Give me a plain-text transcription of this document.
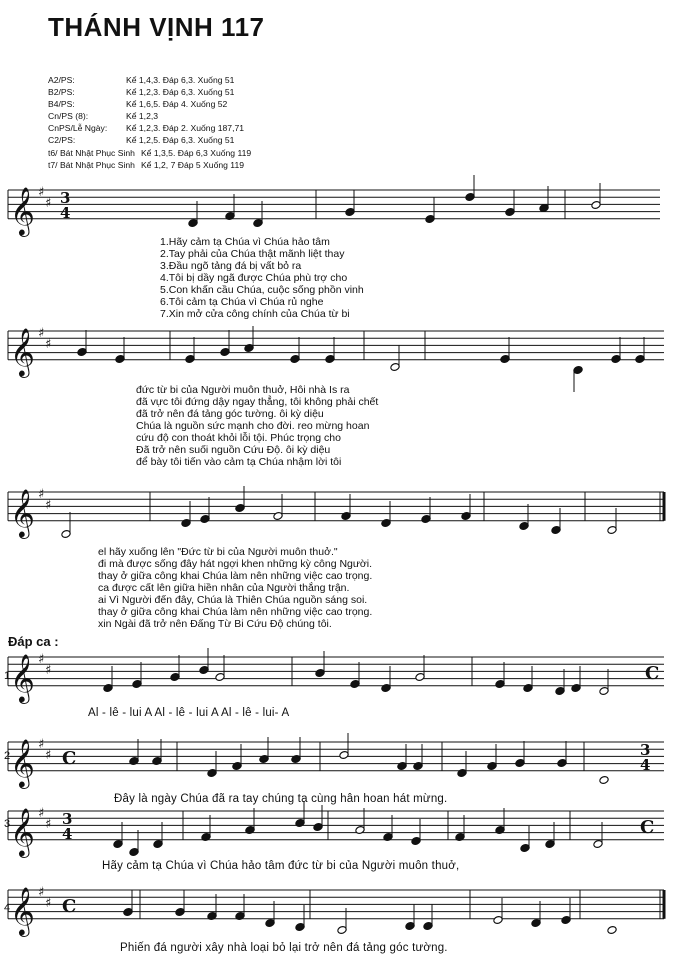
THÁNH VỊNH 117
A2/PS:	Kể 1,4,3. Đáp 6,3. Xuống 51
B2/PS:	Kể 1,2,3. Đáp 6,3. Xuống 51
B4/PS:	Kể 1,6,5. Đáp 4. Xuống 52
Cn/PS (8):	Kể 1,2,3
CnPS/Lễ Ngày:	Kể 1,2,3. Đáp 2. Xuống 187,71
C2/PS:	Kể 1,2,5. Đáp 6,3. Xuống 51
t6/ Bát Nhật Phục Sinh Kể 1,3,5. Đáp 6,3 Xuống 119
t7/ Bát Nhật Phục Sinh Kể 1,2, 7 Đáp 5 Xuống 119
𝄞 ♯
♯ 3
4
𝄞 ♯
♯
𝄞 ♯
♯
𝄞 ♯
♯	C
𝄞 ♯
♯ C	3
4
𝄞 ♯
♯ 3
4	C
𝄞 ♯
♯ C
1.Hãy cảm tạ Chúa vì Chúa hảo tâm
2.Tay phải của Chúa thật mãnh liệt thay
3.Đầu ngõ tảng đá bị vất bỏ ra
4.Tôi bị dầy ngã được Chúa phù trợ cho
5.Con khấn cầu Chúa, cuộc sống phồn vinh
6.Tôi cảm tạ Chúa vì Chúa rủ nghe
7.Xin mở cửa công chính của Chúa từ bi
đức từ bi của Người muôn thuở, Hôi nhà Is ra
đã vực tôi đứng dậy ngay thẳng, tôi không phải chết
đã trở nên đá tảng góc tường. ôi kỳ diệu
Chúa là nguồn sức mạnh cho đời. reo mừng hoan
cứu độ con thoát khỏi lỗi tội. Phúc trọng cho
Đã trở nên suối nguồn Cứu Độ. ôi kỳ diệu
để bày tôi tiến vào cảm tạ Chúa nhậm lời tôi
el hãy xuống lên "Đức từ bi của Người muôn thuở."
đi mà được sống đây hát ngợi khen những kỳ công Người.
thay ở giữa công khai Chúa làm nên những việc cao trọng.
ca được cất lên giữa hiền nhân của Người thắng trận.
ai Vì Người đến đây, Chúa là Thiên Chúa nguồn sáng soi.
thay ở giữa công khai Chúa làm nên những việc cao trọng.
xin Ngài đã trở nên Đấng Từ Bi Cứu Độ chúng tôi.
Đáp ca :
1
2
3
4
Al - lê - lui A Al - lê - lui A Al - lê - lui- A
Đây là ngày Chúa đã ra tay chúng ta cùng hân hoan hát mừng.
Hãy cảm tạ Chúa vì Chúa hảo tâm đức từ bi của Người muôn thuở,
Phiến đá người xây nhà loại bỏ lại trở nên đá tảng góc tường.
